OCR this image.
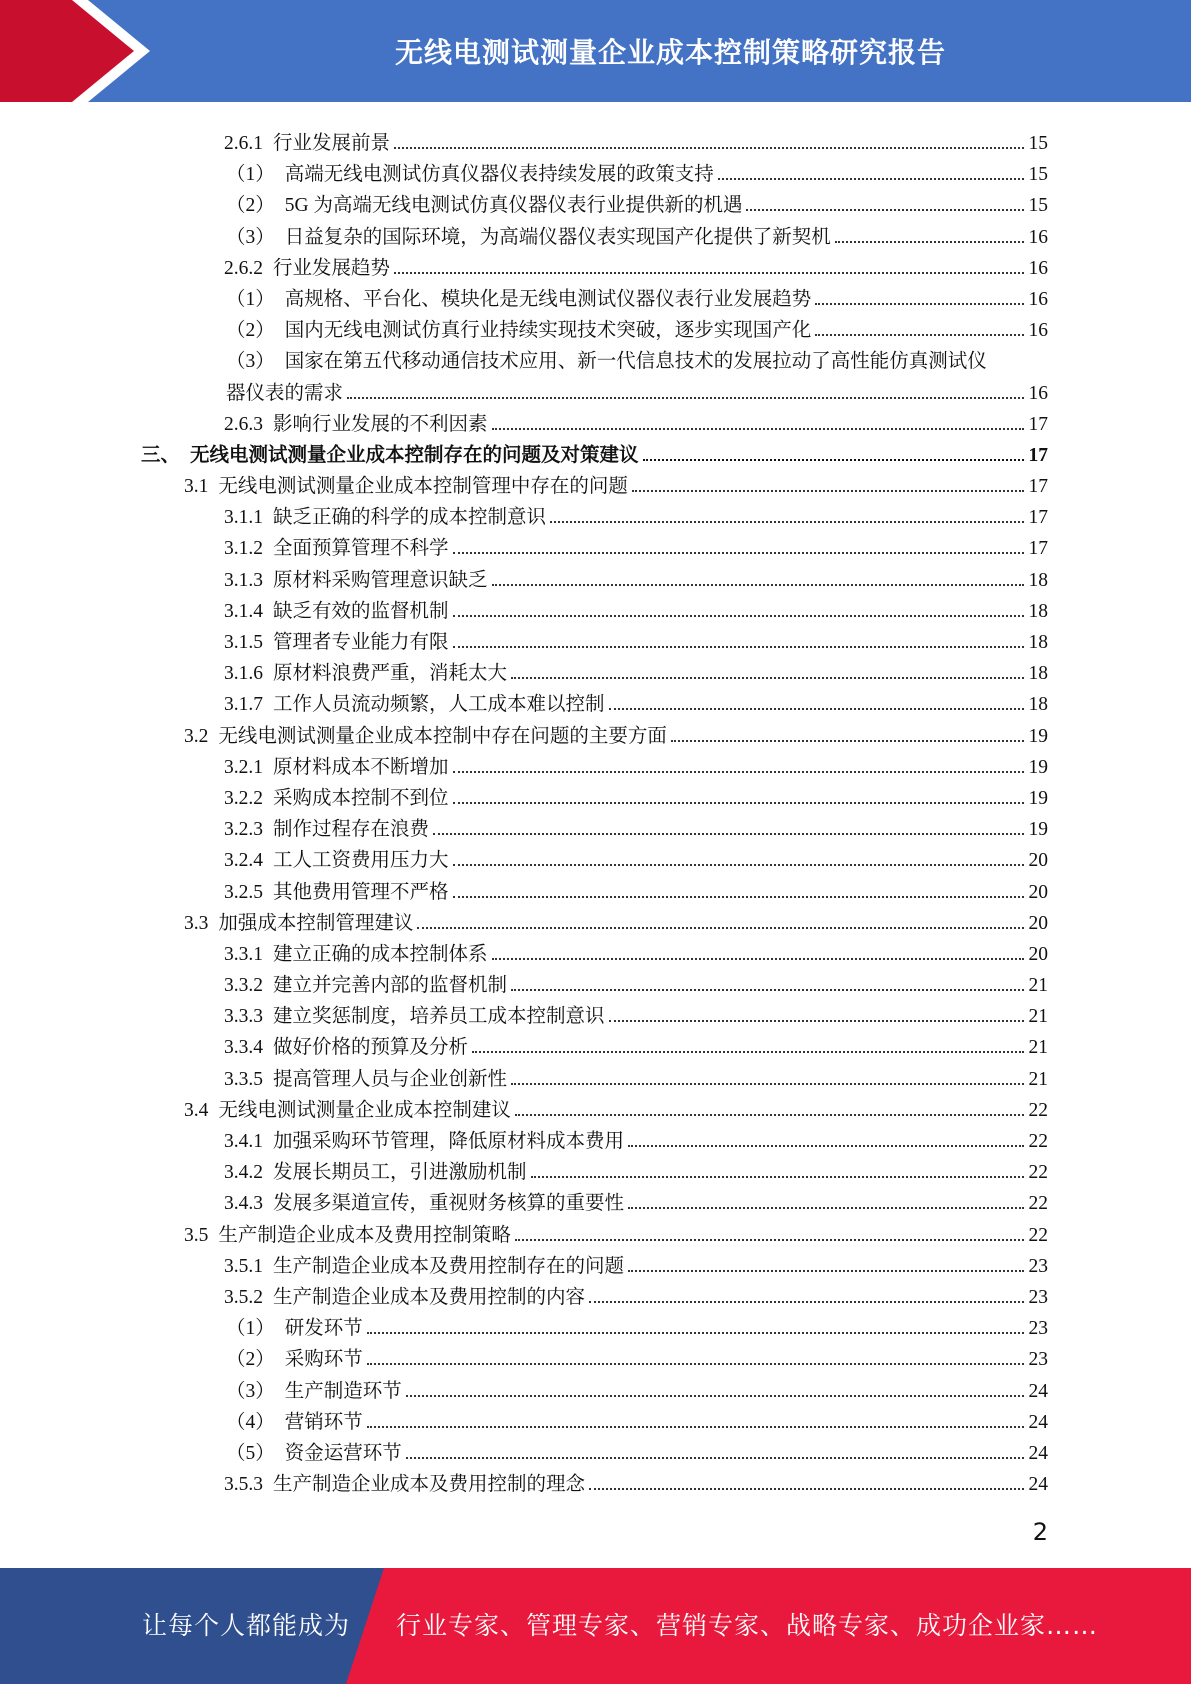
无线电测试测量企业成本控制策略研究报告
2.6.1 行业发展前景	15
（1） 高端无线电测试仿真仪器仪表持续发展的政策支持	15
（2） 5G 为高端无线电测试仿真仪器仪表行业提供新的机遇	15
（3） 日益复杂的国际环境，为高端仪器仪表实现国产化提供了新契机	16
2.6.2 行业发展趋势	16
（1） 高规格、平台化、模块化是无线电测试仪器仪表行业发展趋势	16
（2） 国内无线电测试仿真行业持续实现技术突破，逐步实现国产化	16
（3） 国家在第五代移动通信技术应用、新一代信息技术的发展拉动了高性能仿真测试仪
器仪表的需求	16
2.6.3 影响行业发展的不利因素	17
三、 无线电测试测量企业成本控制存在的问题及对策建议	17
3.1 无线电测试测量企业成本控制管理中存在的问题	17
3.1.1 缺乏正确的科学的成本控制意识	17
3.1.2 全面预算管理不科学	17
3.1.3 原材料采购管理意识缺乏	18
3.1.4 缺乏有效的监督机制	18
3.1.5 管理者专业能力有限	18
3.1.6 原材料浪费严重，消耗太大	18
3.1.7 工作人员流动频繁，人工成本难以控制	18
3.2 无线电测试测量企业成本控制中存在问题的主要方面	19
3.2.1 原材料成本不断增加	19
3.2.2 采购成本控制不到位	19
3.2.3 制作过程存在浪费	19
3.2.4 工人工资费用压力大	20
3.2.5 其他费用管理不严格	20
3.3 加强成本控制管理建议	20
3.3.1 建立正确的成本控制体系	20
3.3.2 建立并完善内部的监督机制	21
3.3.3 建立奖惩制度，培养员工成本控制意识	21
3.3.4 做好价格的预算及分析	21
3.3.5 提高管理人员与企业创新性	21
3.4 无线电测试测量企业成本控制建议	22
3.4.1 加强采购环节管理，降低原材料成本费用	22
3.4.2 发展长期员工，引进激励机制	22
3.4.3 发展多渠道宣传，重视财务核算的重要性	22
3.5 生产制造企业成本及费用控制策略	22
3.5.1 生产制造企业成本及费用控制存在的问题	23
3.5.2 生产制造企业成本及费用控制的内容	23
（1） 研发环节	23
（2） 采购环节	23
（3） 生产制造环节	24
（4） 营销环节	24
（5） 资金运营环节	24
3.5.3 生产制造企业成本及费用控制的理念	24
2
让每个人都能成为 行业专家、管理专家、营销专家、战略专家、成功企业家……
